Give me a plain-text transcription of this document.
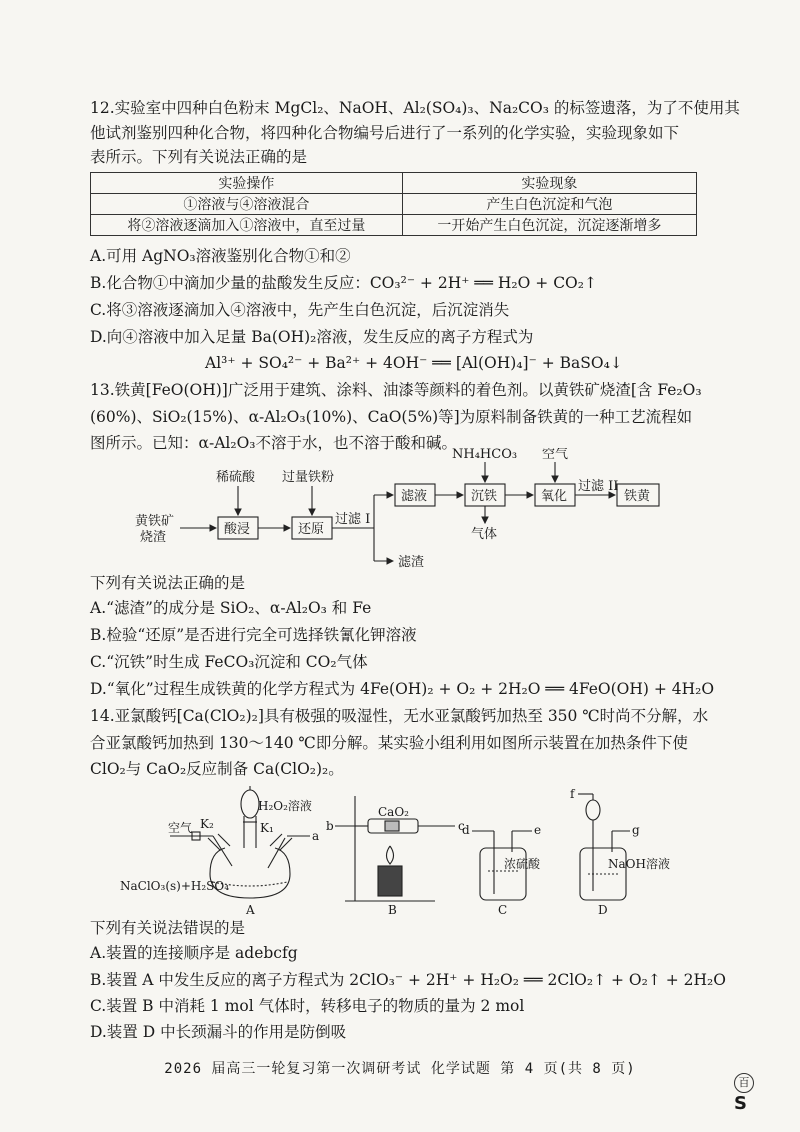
12.实验室中四种白色粉末 MgCl₂、NaOH、Al₂(SO₄)₃、Na₂CO₃ 的标签遗落，为了不使用其
他试剂鉴别四种化合物，将四种化合物编号后进行了一系列的化学实验，实验现象如下
表所示。下列有关说法正确的是
实验操作	实验现象
①溶液与④溶液混合	产生白色沉淀和气泡
将②溶液逐滴加入①溶液中，直至过量	一开始产生白色沉淀，沉淀逐渐增多
A.可用 AgNO₃溶液鉴别化合物①和②
B.化合物①中滴加少量的盐酸发生反应：CO₃²⁻ + 2H⁺ ══ H₂O + CO₂↑
C.将③溶液逐滴加入④溶液中，先产生白色沉淀，后沉淀消失
D.向④溶液中加入足量 Ba(OH)₂溶液，发生反应的离子方程式为
Al³⁺ + SO₄²⁻ + Ba²⁺ + 4OH⁻ ══ [Al(OH)₄]⁻ + BaSO₄↓
13.铁黄[FeO(OH)]广泛用于建筑、涂料、油漆等颜料的着色剂。以黄铁矿烧渣[含 Fe₂O₃
(60%)、SiO₂(15%)、α-Al₂O₃(10%)、CaO(5%)等]为原料制备铁黄的一种工艺流程如
图所示。已知：α-Al₂O₃不溶于水，也不溶于酸和碱。
黄铁矿
烧渣
稀硫酸
酸浸
过量铁粉
还原
过滤 I
滤液
滤渣
NH₄HCO₃
沉铁
气体
空气
氧化
过滤 II
铁黄
下列有关说法正确的是
A.“滤渣”的成分是 SiO₂、α-Al₂O₃ 和 Fe
B.检验“还原”是否进行完全可选择铁氰化钾溶液
C.“沉铁”时生成 FeCO₃沉淀和 CO₂气体
D.“氧化”过程生成铁黄的化学方程式为 4Fe(OH)₂ + O₂ + 2H₂O ══ 4FeO(OH) + 4H₂O
14.亚氯酸钙[Ca(ClO₂)₂]具有极强的吸湿性，无水亚氯酸钙加热至 350 ℃时尚不分解，水
合亚氯酸钙加热到 130～140 ℃即分解。某实验小组利用如图所示装置在加热条件下使
ClO₂与 CaO₂反应制备 Ca(ClO₂)₂。
H₂O₂溶液
K₁
K₂
空气
a
NaClO₃(s)+H₂SO₄
A
CaO₂
b	c
B
d	e
浓硫酸
C
f
g
NaOH溶液
D
下列有关说法错误的是
A.装置的连接顺序是 adebcfg
B.装置 A 中发生反应的离子方程式为 2ClO₃⁻ + 2H⁺ + H₂O₂ ══ 2ClO₂↑ + O₂↑ + 2H₂O
C.装置 B 中消耗 1 mol 气体时，转移电子的物质的量为 2 mol
D.装置 D 中长颈漏斗的作用是防倒吸
2026 届高三一轮复习第一次调研考试 化学试题 第 4 页(共 8 页)
百S
